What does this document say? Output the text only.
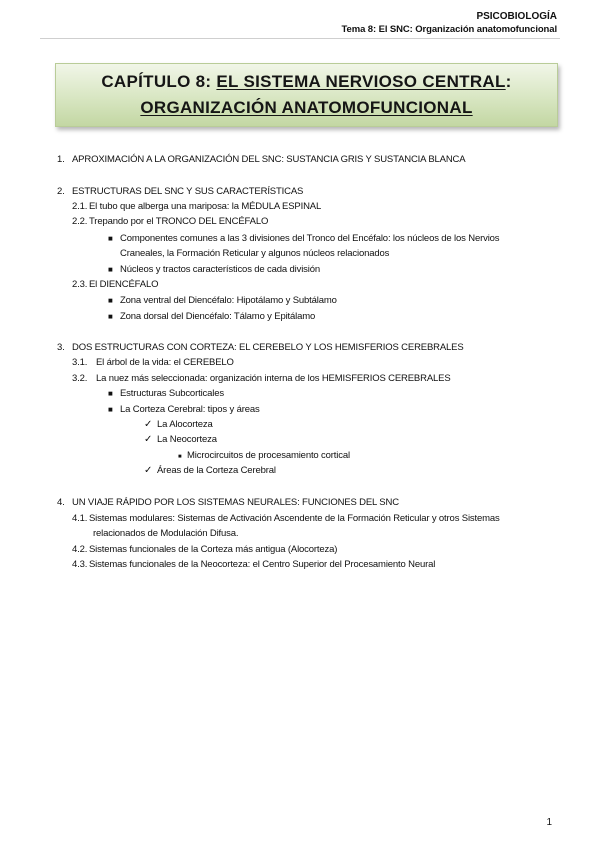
PSICOBIOLOGÍA
Tema 8: El SNC: Organización anatomofuncional
CAPÍTULO 8: EL SISTEMA NERVIOSO CENTRAL:
ORGANIZACIÓN ANATOMOFUNCIONAL
1. APROXIMACIÓN A LA ORGANIZACIÓN DEL SNC: SUSTANCIA GRIS Y SUSTANCIA BLANCA
2. ESTRUCTURAS DEL SNC Y SUS CARACTERÍSTICAS
2.1. El tubo que alberga una mariposa: la MÉDULA ESPINAL
2.2. Trepando por el TRONCO DEL ENCÉFALO
■ Componentes comunes a las 3 divisiones del Tronco del Encéfalo: los núcleos de los Nervios
Craneales, la Formación Reticular y algunos núcleos relacionados
■ Núcleos y tractos característicos de cada división
2.3. El DIENCÉFALO
■ Zona ventral del Diencéfalo: Hipotálamo y Subtálamo
■ Zona dorsal del Diencéfalo: Tálamo y Epitálamo
3. DOS ESTRUCTURAS CON CORTEZA: EL CEREBELO Y LOS HEMISFERIOS CEREBRALES
3.1. El árbol de la vida: el CEREBELO
3.2. La nuez más seleccionada: organización interna de los HEMISFERIOS CEREBRALES
■ Estructuras Subcorticales
■ La Corteza Cerebral: tipos y áreas
✓ La Alocorteza
✓ La Neocorteza
■ Microcircuitos de procesamiento cortical
✓ Áreas de la Corteza Cerebral
4. UN VIAJE RÁPIDO POR LOS SISTEMAS NEURALES: FUNCIONES DEL SNC
4.1. Sistemas modulares: Sistemas de Activación Ascendente de la Formación Reticular y otros Sistemas
relacionados de Modulación Difusa.
4.2. Sistemas funcionales de la Corteza más antigua (Alocorteza)
4.3. Sistemas funcionales de la Neocorteza: el Centro Superior del Procesamiento Neural
1
